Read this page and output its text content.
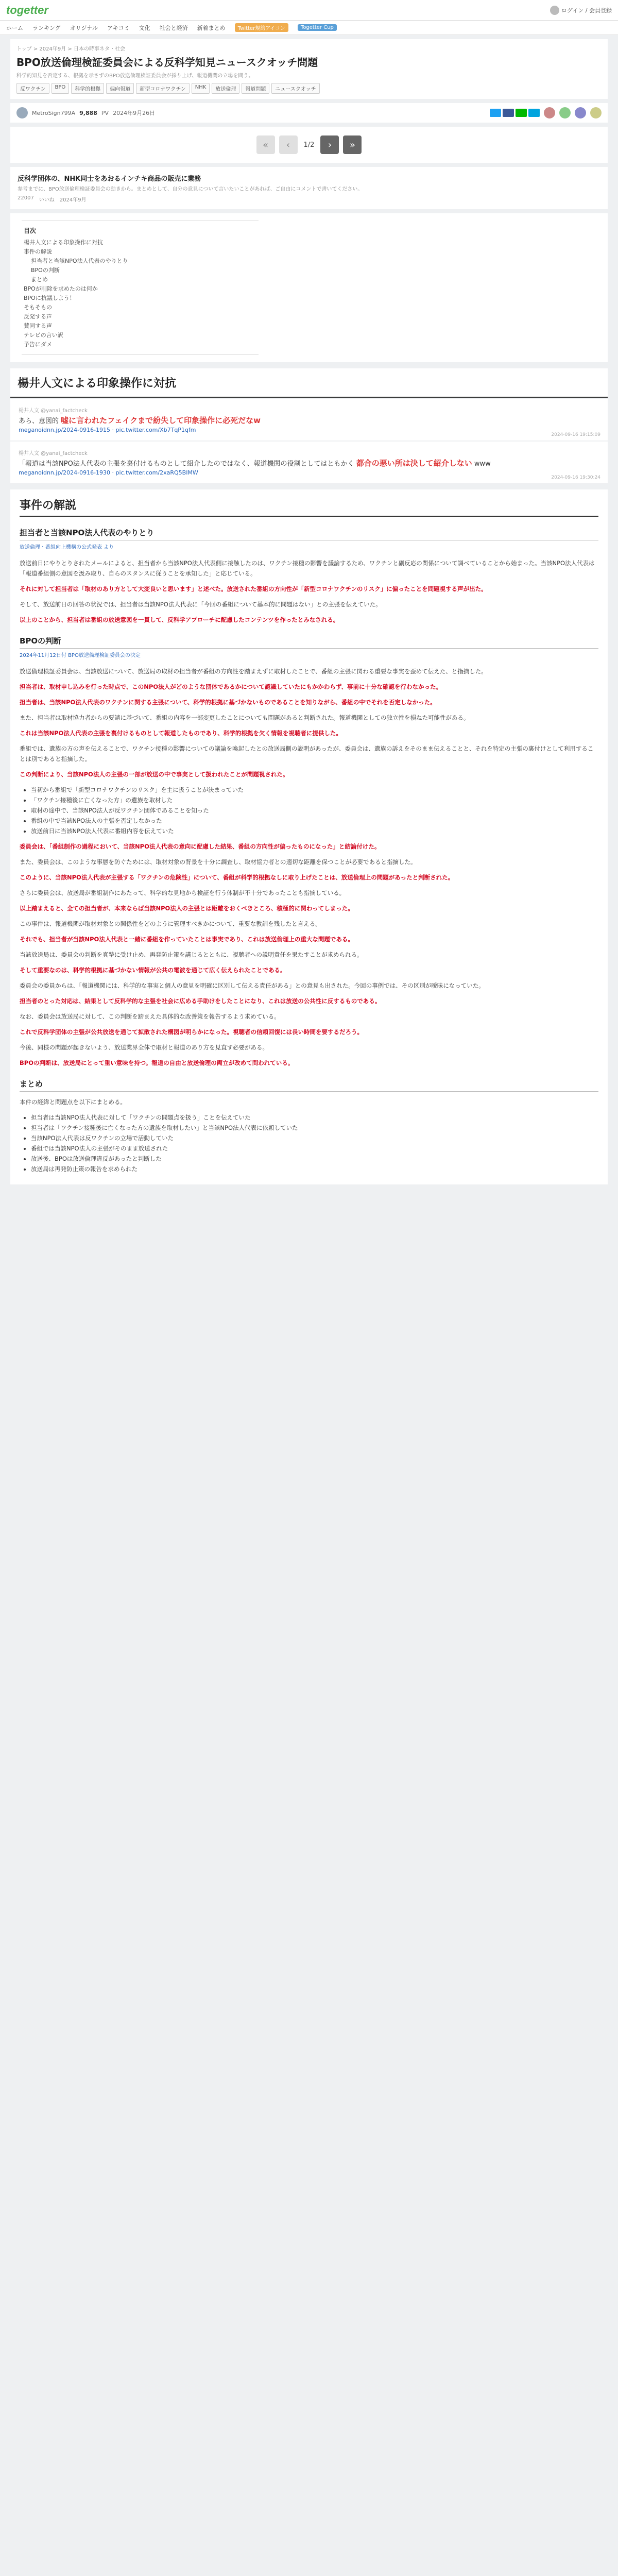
togetter	ログイン / 会員登録
ホーム ランキング オリジナル アキコミ 文化 社会と経済 新着まとめ	Twitter規約アイコン	Togetter Cup
トップ > 2024年9月 > 日本の時事ネタ・社会
BPO放送倫理検証委員会による反科学知見ニュースクオッチ問題
科学的知見を否定する、根拠を示さずのBPO放送倫理検証委員会が採り上げ、報道機関の立場を問う。
反ワクチン	BPO	科学的根拠	偏向報道	新型コロナワクチン	NHK	放送倫理	報道問題	ニュースクオッチ
MetroSign799A 9,888 PV 2024年9月26日
«	‹	1/2	›	»
反科学団体の、NHK同士をあおるインチキ商品の販売に業務
参考までに、BPO放送倫理検証委員会の動きから。まとめとして、自分の意見について言いたいことがあれば、ご自由にコメントで書いてください。
22007 いいね 2024年9月
目次
楊井人文による印象操作に対抗
事件の解説
担当者と当該NPO法人代表のやりとり
BPOの判断
まとめ
BPOが削除を求めたのは何か
BPOに抗議しよう！
そもそもの
反発する声
賛同する声
テレビの言い訳
予告にダメ
楊井人文による印象操作に対抗
楊井人文 @yanai_factcheck
あら、意図的 嘘に言われたフェイクまで紛失して印象操作に必死だなw
meganoidnn.jp/2024-0916-1915 · pic.twitter.com/Xb7TqP1qfm
2024-09-16 19:15:09
楊井人文 @yanai_factcheck
「報道は当該NPO法人代表の主張を裏付けるものとして紹介したのではなく、報道機関の役割としてはともかく 都合の悪い所は決して紹介しない www
meganoidnn.jp/2024-0916-1930 · pic.twitter.com/2xaRQ5BIMW
2024-09-16 19:30:24
事件の解説
担当者と当該NPO法人代表のやりとり

放送倫理・番組向上機構の公式発表 より

放送前日にやりとりされたメールによると、担当者から当該NPO法人代表側に接触したのは、ワクチン接種の影響を議論するため、ワクチンと副反応の関係について調べていることから始まった。当該NPO法人代表は「報道番組側の意図を汲み取り、自らのスタンスに従うことを承知した」と応じている。

それに対して担当者は「取材のあり方として大変良いと思います」と述べた。放送された番組の方向性が「新型コロナワクチンのリスク」に偏ったことを問題視する声が出た。

そして、放送前日の回答の状況では、担当者は当該NPO法人代表に「今回の番組について基本的に問題はない」との主張を伝えていた。

以上のことから、担当者は番組の放送意図を一貫して、反科学アプローチに配慮したコンテンツを作ったとみなされる。

BPOの判断

2024年11月12日付 BPO放送倫理検証委員会の決定

放送倫理検証委員会は、当該放送について、放送局の取材の担当者が番組の方向性を踏まえずに取材したことで、番組の主張に関わる重要な事実を歪めて伝えた、と指摘した。

担当者は、取材申し込みを行った時点で、このNPO法人がどのような団体であるかについて認識していたにもかかわらず、事前に十分な確認を行わなかった。

担当者は、当該NPO法人代表のワクチンに関する主張について、科学的根拠に基づかないものであることを知りながら、番組の中でそれを否定しなかった。

また、担当者は取材協力者からの要請に基づいて、番組の内容を一部変更したことについても問題があると判断された。報道機関としての独立性を損ねた可能性がある。

これは当該NPO法人代表の主張を裏付けるものとして報道したものであり、科学的根拠を欠く情報を視聴者に提供した。

番組では、遺族の方の声を伝えることで、ワクチン接種の影響についての議論を喚起したとの放送局側の説明があったが、委員会は、遺族の訴えをそのまま伝えることと、それを特定の主張の裏付けとして利用することは別であると指摘した。

この判断により、当該NPO法人の主張の一部が放送の中で事実として扱われたことが問題視された。

• 当初から番組で「新型コロナワクチンのリスク」を主に扱うことが決まっていた
• 「ワクチン接種後に亡くなった方」の遺族を取材した
• 取材の途中で、当該NPO法人が反ワクチン団体であることを知った
• 番組の中で当該NPO法人の主張を否定しなかった
• 放送前日に当該NPO法人代表に番組内容を伝えていた

委員会は、「番組制作の過程において、当該NPO法人代表の意向に配慮した結果、番組の方向性が偏ったものになった」と結論付けた。

また、委員会は、このような事態を防ぐためには、取材対象の背景を十分に調査し、取材協力者との適切な距離を保つことが必要であると指摘した。

このように、当該NPO法人代表が主張する「ワクチンの危険性」について、番組が科学的根拠なしに取り上げたことは、放送倫理上の問題があったと判断された。

さらに委員会は、放送局が番組制作にあたって、科学的な見地から検証を行う体制が不十分であったことも指摘している。

以上踏まえると、全ての担当者が、本来ならば当該NPO法人の主張とは距離をおくべきところ、積極的に関わってしまった。

この事件は、報道機関が取材対象との関係性をどのように管理すべきかについて、重要な教訓を残したと言える。

それでも、担当者が当該NPO法人代表と一緒に番組を作っていたことは事実であり、これは放送倫理上の重大な問題である。

当該放送局は、委員会の判断を真摯に受け止め、再発防止策を講じるとともに、視聴者への説明責任を果たすことが求められる。

そして重要なのは、科学的根拠に基づかない情報が公共の電波を通じて広く伝えられたことである。

委員会の委員からは、「報道機関には、科学的な事実と個人の意見を明確に区別して伝える責任がある」との意見も出された。今回の事例では、その区別が曖昧になっていた。

担当者のとった対応は、結果として反科学的な主張を社会に広める手助けをしたことになり、これは放送の公共性に反するものである。

なお、委員会は放送局に対して、この判断を踏まえた具体的な改善策を報告するよう求めている。

これで反科学団体の主張が公共放送を通じて拡散された構図が明らかになった。視聴者の信頼回復には長い時間を要するだろう。

今後、同様の問題が起きないよう、放送業界全体で取材と報道のあり方を見直す必要がある。

BPOの判断は、放送局にとって重い意味を持つ。報道の自由と放送倫理の両立が改めて問われている。

まとめ

本件の経緯と問題点を以下にまとめる。

• 担当者は当該NPO法人代表に対して「ワクチンの問題点を扱う」ことを伝えていた
• 担当者は「ワクチン接種後に亡くなった方の遺族を取材したい」と当該NPO法人代表に依頼していた
• 当該NPO法人代表は反ワクチンの立場で活動していた
• 番組では当該NPO法人の主張がそのまま放送された
• 放送後、BPOは放送倫理違反があったと判断した
• 放送局は再発防止策の報告を求められた
